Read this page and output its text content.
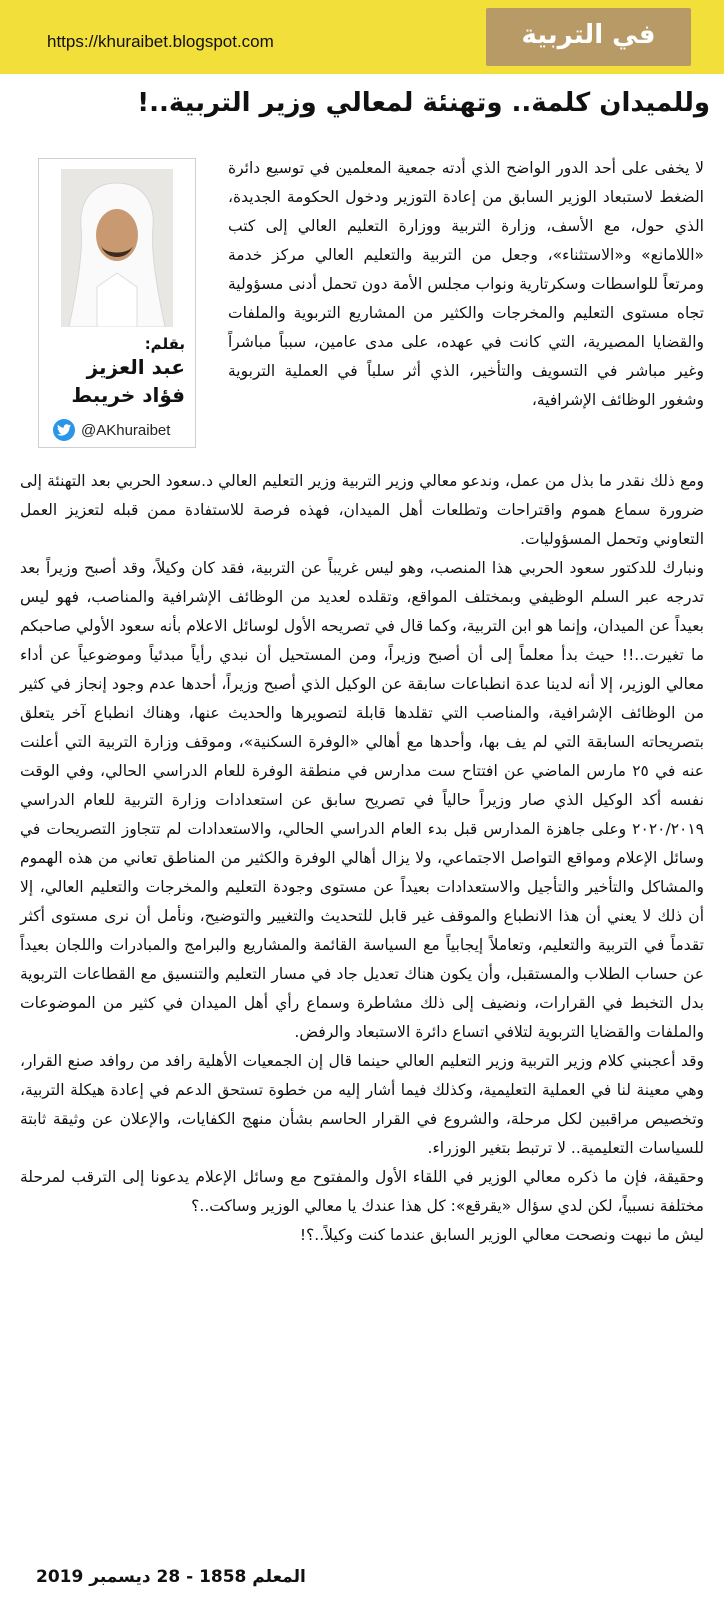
https://khuraibet.blogspot.com	في التربية
وللميدان كلمة.. وتهنئة لمعالي وزير التربية..!
بقلم:
عبد العزيز
فؤاد خريبط
@AKhuraibet

لا يخفى على أحد الدور الواضح الذي أدته جمعية المعلمين في توسيع دائرة الضغط لاستبعاد الوزير السابق من إعادة التوزير ودخول الحكومة الجديدة، الذي حول، مع الأسف، وزارة التربية ووزارة التعليم العالي إلى كتب «اللامانع» و«الاستثناء»، وجعل من التربية والتعليم العالي مركز خدمة ومرتعاً للواسطات وسكرتارية ونواب مجلس الأمة دون تحمل أدنى مسؤولية تجاه مستوى التعليم والمخرجات والكثير من المشاريع التربوية والملفات والقضايا المصيرية، التي كانت في عهده، على مدى عامين، سبباً مباشراً وغير مباشر في التسويف والتأخير، الذي أثر سلباً في العملية التربوية وشغور الوظائف الإشرافية،

ومع ذلك نقدر ما بذل من عمل، وندعو معالي وزير التربية وزير التعليم العالي د.سعود الحربي بعد التهنئة إلى ضرورة سماع هموم واقتراحات وتطلعات أهل الميدان، فهذه فرصة للاستفادة ممن قبله لتعزيز العمل التعاوني وتحمل المسؤوليات.

ونبارك للدكتور سعود الحربي هذا المنصب، وهو ليس غريباً عن التربية، فقد كان وكيلاً، وقد أصبح وزيراً بعد تدرجه عبر السلم الوظيفي وبمختلف المواقع، وتقلده لعديد من الوظائف الإشرافية والمناصب، فهو ليس بعيداً عن الميدان، وإنما هو ابن التربية، وكما قال في تصريحه الأول لوسائل الاعلام بأنه سعود الأولي صاحبكم ما تغيرت..!! حيث بدأ معلماً إلى أن أصبح وزيراً، ومن المستحيل أن نبدي رأياً مبدئياً وموضوعياً عن أداء معالي الوزير، إلا أنه لدينا عدة انطباعات سابقة عن الوكيل الذي أصبح وزيراً، أحدها عدم وجود إنجاز في كثير من الوظائف الإشرافية، والمناصب التي تقلدها قابلة لتصويرها والحديث عنها، وهناك انطباع آخر يتعلق بتصريحاته السابقة التي لم يف بها، وأحدها مع أهالي «الوفرة السكنية»، وموقف وزارة التربية التي أعلنت عنه في ٢٥ مارس الماضي عن افتتاح ست مدارس في منطقة الوفرة للعام الدراسي الحالي، وفي الوقت نفسه أكد الوكيل الذي صار وزيراً حالياً في تصريح سابق عن استعدادات وزارة التربية للعام الدراسي ٢٠٢٠/٢٠١٩ وعلى جاهزة المدارس قبل بدء العام الدراسي الحالي، والاستعدادات لم تتجاوز التصريحات في وسائل الإعلام ومواقع التواصل الاجتماعي، ولا يزال أهالي الوفرة والكثير من المناطق تعاني من هذه الهموم والمشاكل والتأخير والتأجيل والاستعدادات بعيداً عن مستوى وجودة التعليم والمخرجات والتعليم العالي، إلا أن ذلك لا يعني أن هذا الانطباع والموقف غير قابل للتحديث والتغيير والتوضيح، ونأمل أن نرى مستوى أكثر تقدماً في التربية والتعليم، وتعاملاً إيجابياً مع السياسة القائمة والمشاريع والبرامج والمبادرات واللجان بعيداً عن حساب الطلاب والمستقبل، وأن يكون هناك تعديل جاد في مسار التعليم والتنسيق مع القطاعات التربوية بدل التخبط في القرارات، ونضيف إلى ذلك مشاطرة وسماع رأي أهل الميدان في كثير من الموضوعات والملفات والقضايا التربوية لتلافي اتساع دائرة الاستبعاد والرفض.

وقد أعجبني كلام وزير التربية وزير التعليم العالي حينما قال إن الجمعيات الأهلية رافد من روافد صنع القرار، وهي معينة لنا في العملية التعليمية، وكذلك فيما أشار إليه من خطوة تستحق الدعم في إعادة هيكلة التربية، وتخصيص مراقبين لكل مرحلة، والشروع في القرار الحاسم بشأن منهج الكفايات، والإعلان عن وثيقة ثابتة للسياسات التعليمية.. لا ترتبط بتغير الوزراء.

وحقيقة، فإن ما ذكره معالي الوزير في اللقاء الأول والمفتوح مع وسائل الإعلام يدعونا إلى الترقب لمرحلة مختلفة نسبياً، لكن لدي سؤال «يقرقع»: كل هذا عندك يا معالي الوزير وساكت..؟

ليش ما نبهت ونصحت معالي الوزير السابق عندما كنت وكيلاً..؟!

المعلم 1858 - 28 ديسمبر 2019
